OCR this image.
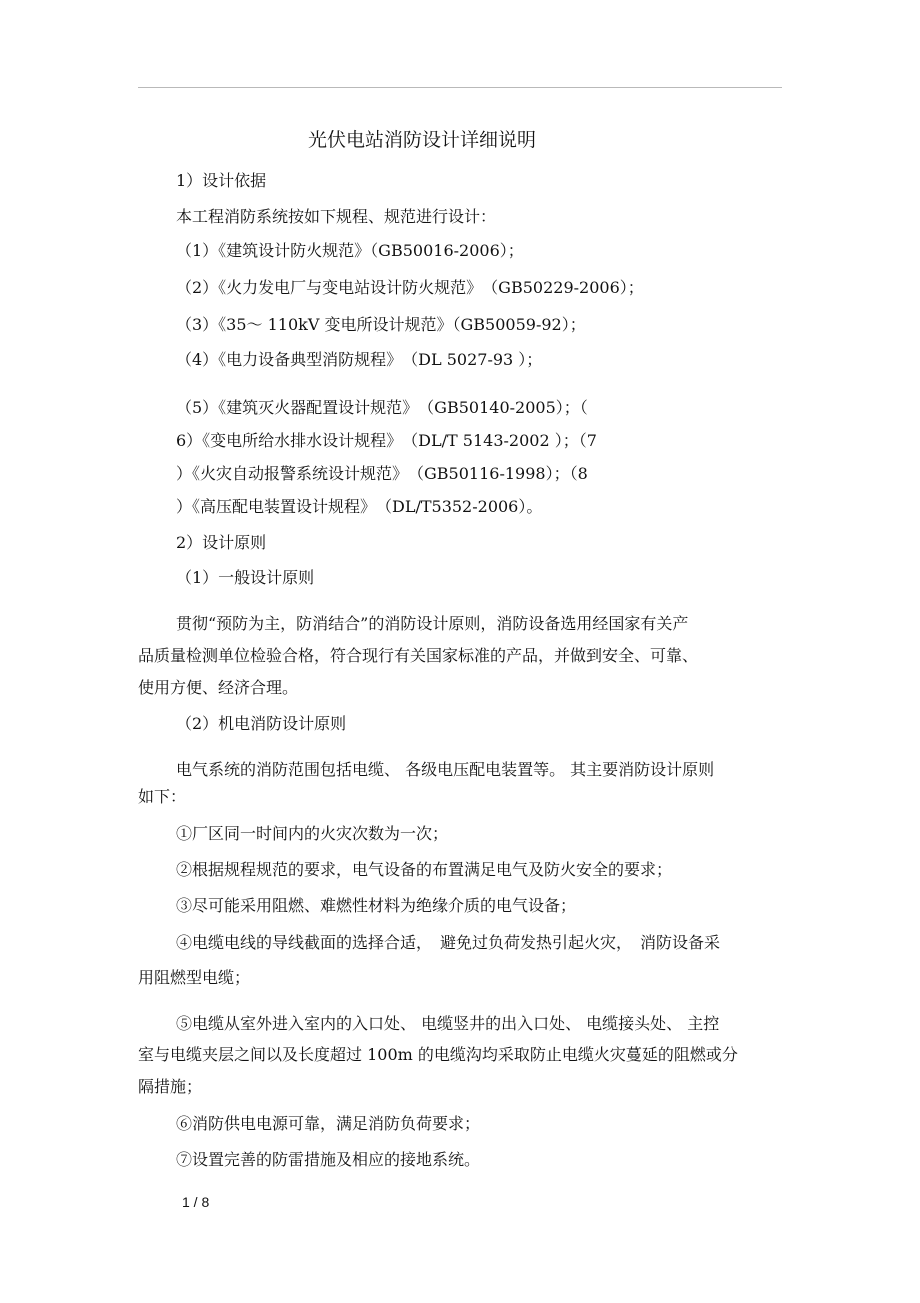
光伏电站消防设计详细说明
1）设计依据
本工程消防系统按如下规程、规范进行设计：
（1）《建筑设计防火规范》（GB50016-2006）；
（2）《火力发电厂与变电站设计防火规范》　（GB50229-2006）；
（3）《35～ 110kV 变电所设计规范》（GB50059-92）；
（4）《电力设备典型消防规程》　（DL 5027-93 ）；
（5）《建筑灭火器配置设计规范》　（GB50140-2005）；（
6）《变电所给水排水设计规程》　（DL/T 5143-2002 ）；（7
）《火灾自动报警系统设计规范》　（GB50116-1998）；（8
）《高压配电装置设计规程》　（DL/T5352-2006）。
2）设计原则
（1）一般设计原则
贯彻“预防为主，防消结合”的消防设计原则，消防设备选用经国家有关产
品质量检测单位检验合格，符合现行有关国家标准的产品，并做到安全、可靠、
使用方便、经济合理。
（2）机电消防设计原则
电气系统的消防范围包括电缆、 各级电压配电装置等。 其主要消防设计原则
如下：
①厂区同一时间内的火灾次数为一次；
②根据规程规范的要求，电气设备的布置满足电气及防火安全的要求；
③尽可能采用阻燃、难燃性材料为绝缘介质的电气设备；
④电缆电线的导线截面的选择合适，　避免过负荷发热引起火灾，　消防设备采
用阻燃型电缆；
⑤电缆从室外进入室内的入口处、 电缆竖井的出入口处、 电缆接头处、 主控
室与电缆夹层之间以及长度超过 100m 的电缆沟均采取防止电缆火灾蔓延的阻燃或分
隔措施；
⑥消防供电电源可靠，满足消防负荷要求；
⑦设置完善的防雷措施及相应的接地系统。
1 / 8
